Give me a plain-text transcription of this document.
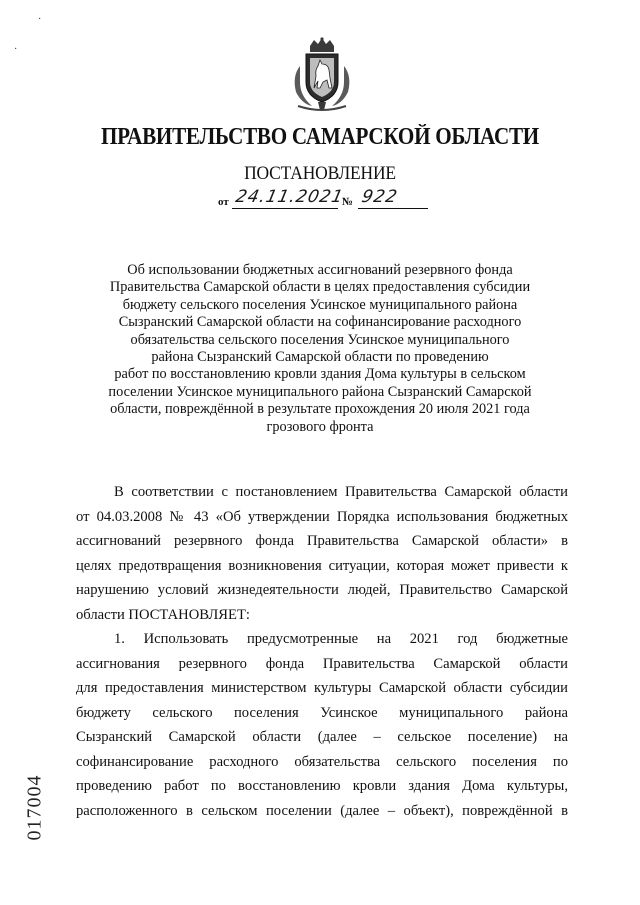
·
·
ПРАВИТЕЛЬСТВО САМАРСКОЙ ОБЛАСТИ
ПОСТАНОВЛЕНИЕ
от 24.11.2021
№ 922
Об использовании бюджетных ассигнований резервного фонда
Правительства Самарской области в целях предоставления субсидии
бюджету сельского поселения Усинское муниципального района
Сызранский Самарской области на софинансирование расходного
обязательства сельского поселения Усинское муниципального
района Сызранский Самарской области по проведению
работ по восстановлению кровли здания Дома культуры в сельском
поселении Усинское муниципального района Сызранский Самарской
области, повреждённой в результате прохождения 20 июля 2021 года
грозового фронта
В соответствии с постановлением Правительства Самарской области
от 04.03.2008 № 43 «Об утверждении Порядка использования бюджетных
ассигнований резервного фонда Правительства Самарской области» в
целях предотвращения возникновения ситуации, которая может привести к
нарушению условий жизнедеятельности людей, Правительство Самарской
области ПОСТАНОВЛЯЕТ:
1. Использовать предусмотренные на 2021 год бюджетные
ассигнования резервного фонда Правительства Самарской области
для предоставления министерством культуры Самарской области субсидии
бюджету сельского поселения Усинское муниципального района
Сызранский Самарской области (далее – сельское поселение) на
софинансирование расходного обязательства сельского поселения по
проведению работ по восстановлению кровли здания Дома культуры,
расположенного в сельском поселении (далее – объект), повреждённой в
017004
